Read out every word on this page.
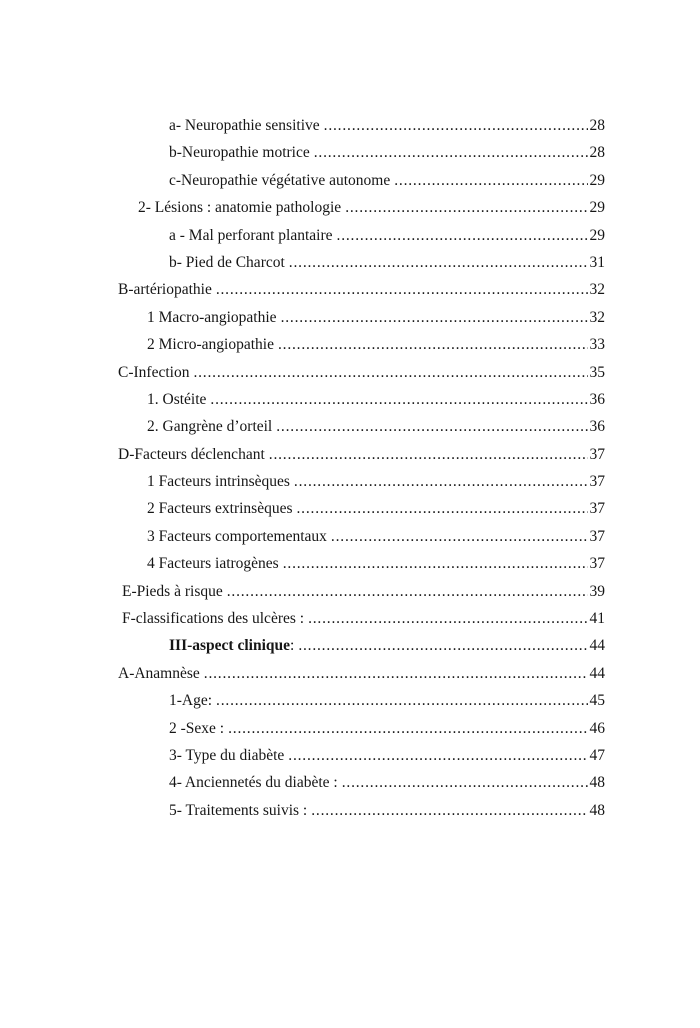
a- Neuropathie sensitive .....	28
b-Neuropathie motrice .....	28
c-Neuropathie végétative autonome .....	29
2- Lésions : anatomie pathologie .....	29
a - Mal perforant plantaire .....	29
b- Pied de Charcot .....	31
B-artériopathie .....	32
1 Macro-angiopathie .....	32
2 Micro-angiopathie .....	33
C-Infection .....	35
1. Ostéite .....	36
2. Gangrène d’orteil .....	36
D-Facteurs déclenchant .....	37
1 Facteurs intrinsèques .....	37
2 Facteurs extrinsèques .....	37
3 Facteurs comportementaux .....	37
4 Facteurs iatrogènes .....	37
E-Pieds à risque .....	39
F-classifications des ulcères : .....	41
III-aspect clinique : .....	44
A-Anamnèse .....	44
1-Age: .....	45
2 -Sexe : .....	46
3- Type du diabète .....	47
4- Anciennetés du diabète : .....	48
5- Traitements suivis : .....	48
